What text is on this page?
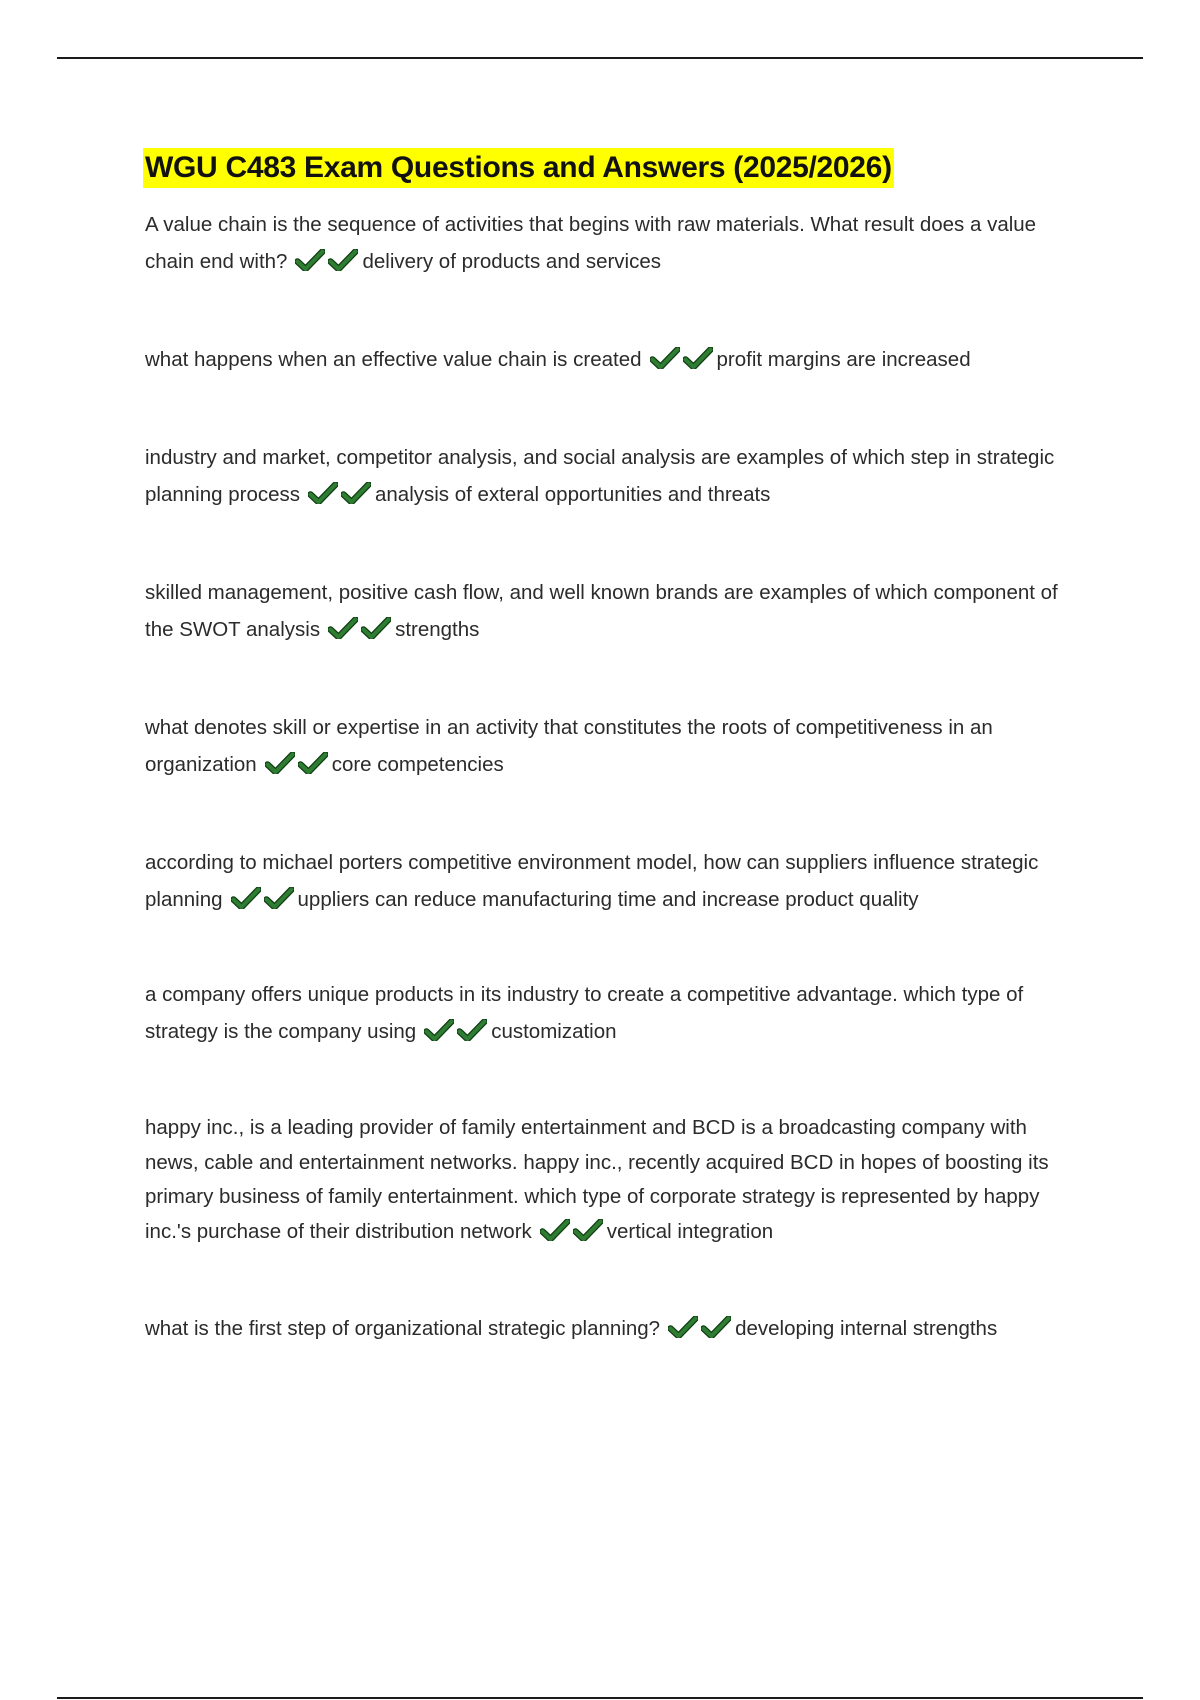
WGU C483 Exam Questions and Answers (2025/2026)
A value chain is the sequence of activities that begins with raw materials. What result does a value chain end with?	delivery of products and services
what happens when an effective value chain is created	profit margins are increased
industry and market, competitor analysis, and social analysis are examples of which step in strategic planning process	analysis of exteral opportunities and threats
skilled management, positive cash flow, and well known brands are examples of which component of the SWOT analysis	strengths
what denotes skill or expertise in an activity that constitutes the roots of competitiveness in an organization	core competencies
according to michael porters competitive environment model, how can suppliers influence strategic planning	uppliers can reduce manufacturing time and increase product quality
a company offers unique products in its industry to create a competitive advantage. which type of strategy is the company using	customization
happy inc., is a leading provider of family entertainment and BCD is a broadcasting company with news, cable and entertainment networks. happy inc., recently acquired BCD in hopes of boosting its primary business of family entertainment. which type of corporate strategy is represented by happy inc.'s purchase of their distribution network	vertical integration
what is the first step of organizational strategic planning?	developing internal strengths
